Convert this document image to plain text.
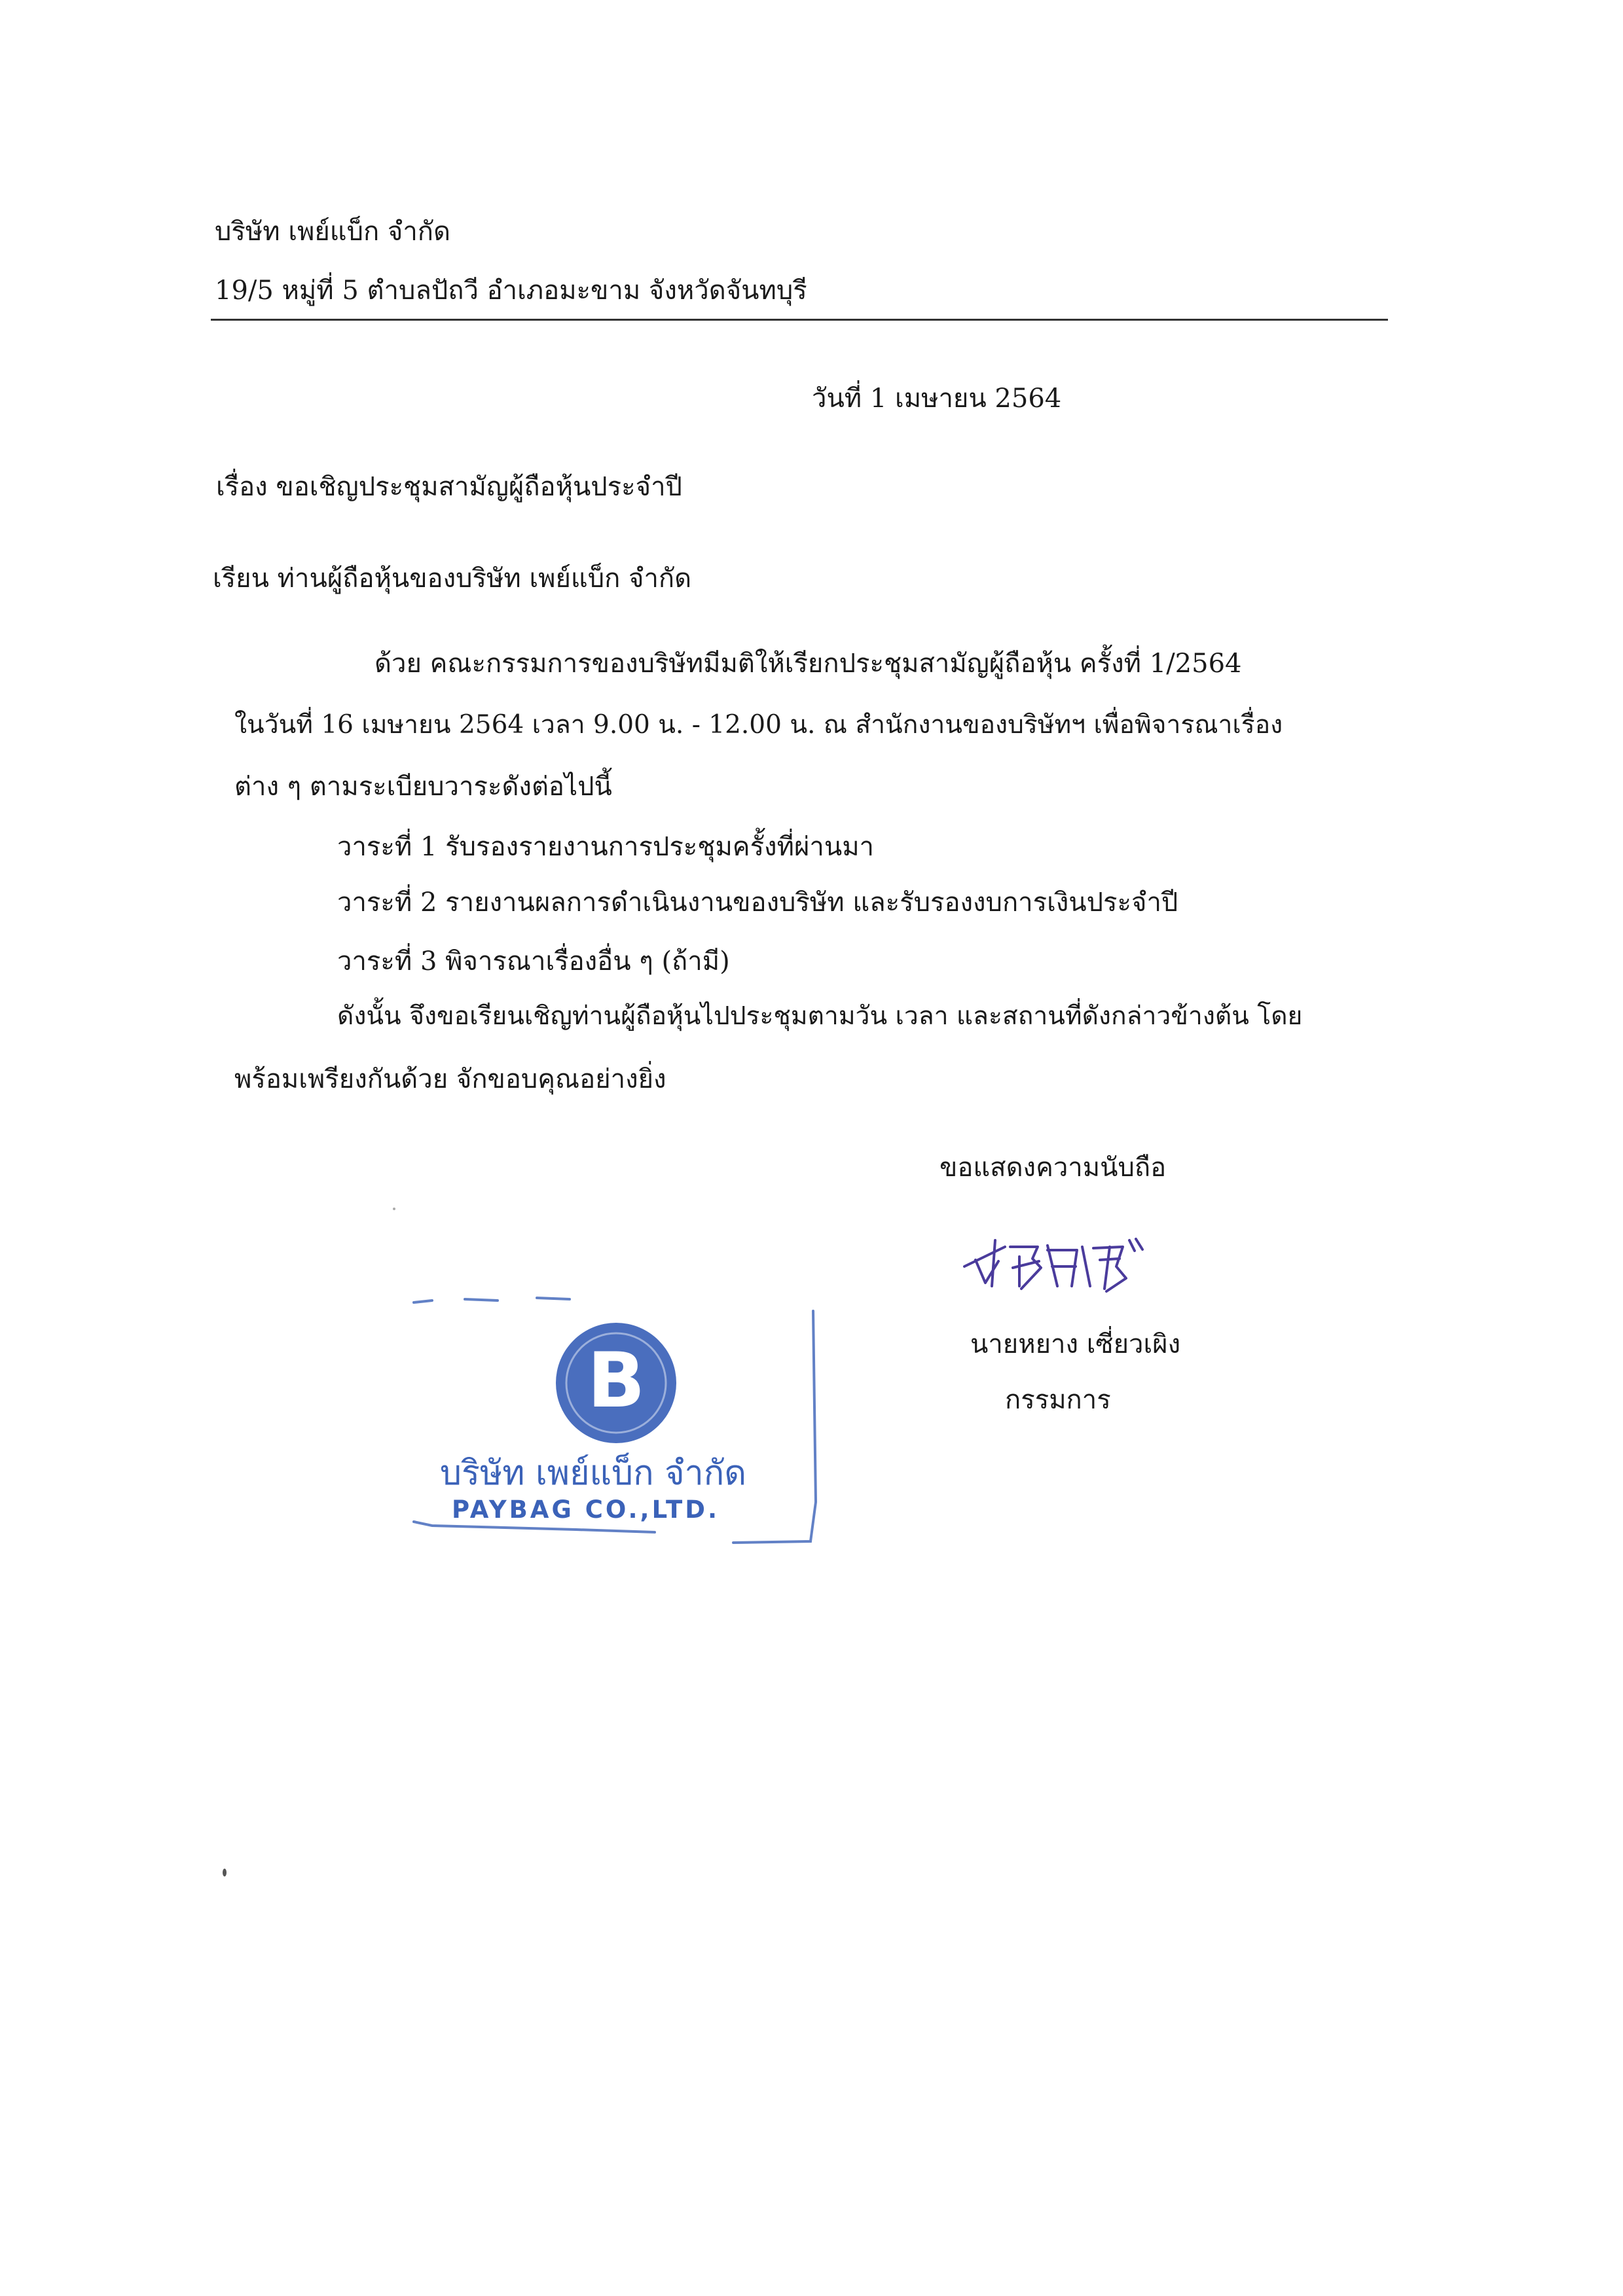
บริษัท เพย์แบ็ก จำกัด
19/5 หมู่ที่ 5 ตำบลปัถวี อำเภอมะขาม จังหวัดจันทบุรี
วันที่ 1 เมษายน 2564
เรื่อง ขอเชิญประชุมสามัญผู้ถือหุ้นประจำปี
เรียน ท่านผู้ถือหุ้นของบริษัท เพย์แบ็ก จำกัด
ด้วย คณะกรรมการของบริษัทมีมติให้เรียกประชุมสามัญผู้ถือหุ้น ครั้งที่ 1/2564
ในวันที่ 16 เมษายน 2564 เวลา 9.00 น. - 12.00 น. ณ สำนักงานของบริษัทฯ เพื่อพิจารณาเรื่อง
ต่าง ๆ ตามระเบียบวาระดังต่อไปนี้
วาระที่ 1 รับรองรายงานการประชุมครั้งที่ผ่านมา
วาระที่ 2 รายงานผลการดำเนินงานของบริษัท และรับรองงบการเงินประจำปี
วาระที่ 3 พิจารณาเรื่องอื่น ๆ (ถ้ามี)
ดังนั้น จึงขอเรียนเชิญท่านผู้ถือหุ้นไปประชุมตามวัน เวลา และสถานที่ดังกล่าวข้างต้น โดย
พร้อมเพรียงกันด้วย จักขอบคุณอย่างยิ่ง
ขอแสดงความนับถือ
นายหยาง เซี่ยวเผิง
กรรมการ
B
บริษัท เพย์แบ็ก จำกัด
PAYBAG CO.,LTD.
